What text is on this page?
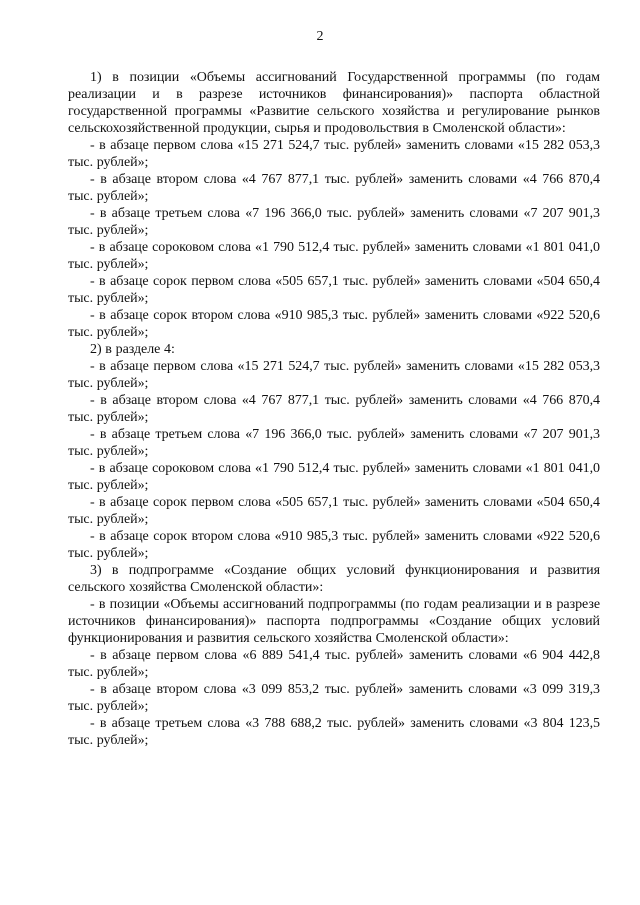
2

1) в позиции «Объемы ассигнований Государственной программы (по годам реализации и в разрезе источников финансирования)» паспорта областной государственной программы «Развитие сельского хозяйства и регулирование рынков сельскохозяйственной продукции, сырья и продовольствия в Смоленской области»:

- в абзаце первом слова «15 271 524,7 тыс. рублей» заменить словами «15 282 053,3 тыс. рублей»;

- в абзаце втором слова «4 767 877,1 тыс. рублей» заменить словами «4 766 870,4 тыс. рублей»;

- в абзаце третьем слова «7 196 366,0 тыс. рублей» заменить словами «7 207 901,3 тыс. рублей»;

- в абзаце сороковом слова «1 790 512,4 тыс. рублей» заменить словами «1 801 041,0 тыс. рублей»;

- в абзаце сорок первом слова «505 657,1 тыс. рублей» заменить словами «504 650,4 тыс. рублей»;

- в абзаце сорок втором слова «910 985,3 тыс. рублей» заменить словами «922 520,6 тыс. рублей»;

2) в разделе 4:

- в абзаце первом слова «15 271 524,7 тыс. рублей» заменить словами «15 282 053,3 тыс. рублей»;

- в абзаце втором слова «4 767 877,1 тыс. рублей» заменить словами «4 766 870,4 тыс. рублей»;

- в абзаце третьем слова «7 196 366,0 тыс. рублей» заменить словами «7 207 901,3 тыс. рублей»;

- в абзаце сороковом слова «1 790 512,4 тыс. рублей» заменить словами «1 801 041,0 тыс. рублей»;

- в абзаце сорок первом слова «505 657,1 тыс. рублей» заменить словами «504 650,4 тыс. рублей»;

- в абзаце сорок втором слова «910 985,3 тыс. рублей» заменить словами «922 520,6 тыс. рублей»;

3) в подпрограмме «Создание общих условий функционирования и развития сельского хозяйства Смоленской области»:

- в позиции «Объемы ассигнований подпрограммы (по годам реализации и в разрезе источников финансирования)» паспорта подпрограммы «Создание общих условий функционирования и развития сельского хозяйства Смоленской области»:

- в абзаце первом слова «6 889 541,4 тыс. рублей» заменить словами «6 904 442,8 тыс. рублей»;

- в абзаце втором слова «3 099 853,2 тыс. рублей» заменить словами «3 099 319,3 тыс. рублей»;

- в абзаце третьем слова «3 788 688,2 тыс. рублей» заменить словами «3 804 123,5 тыс. рублей»;
